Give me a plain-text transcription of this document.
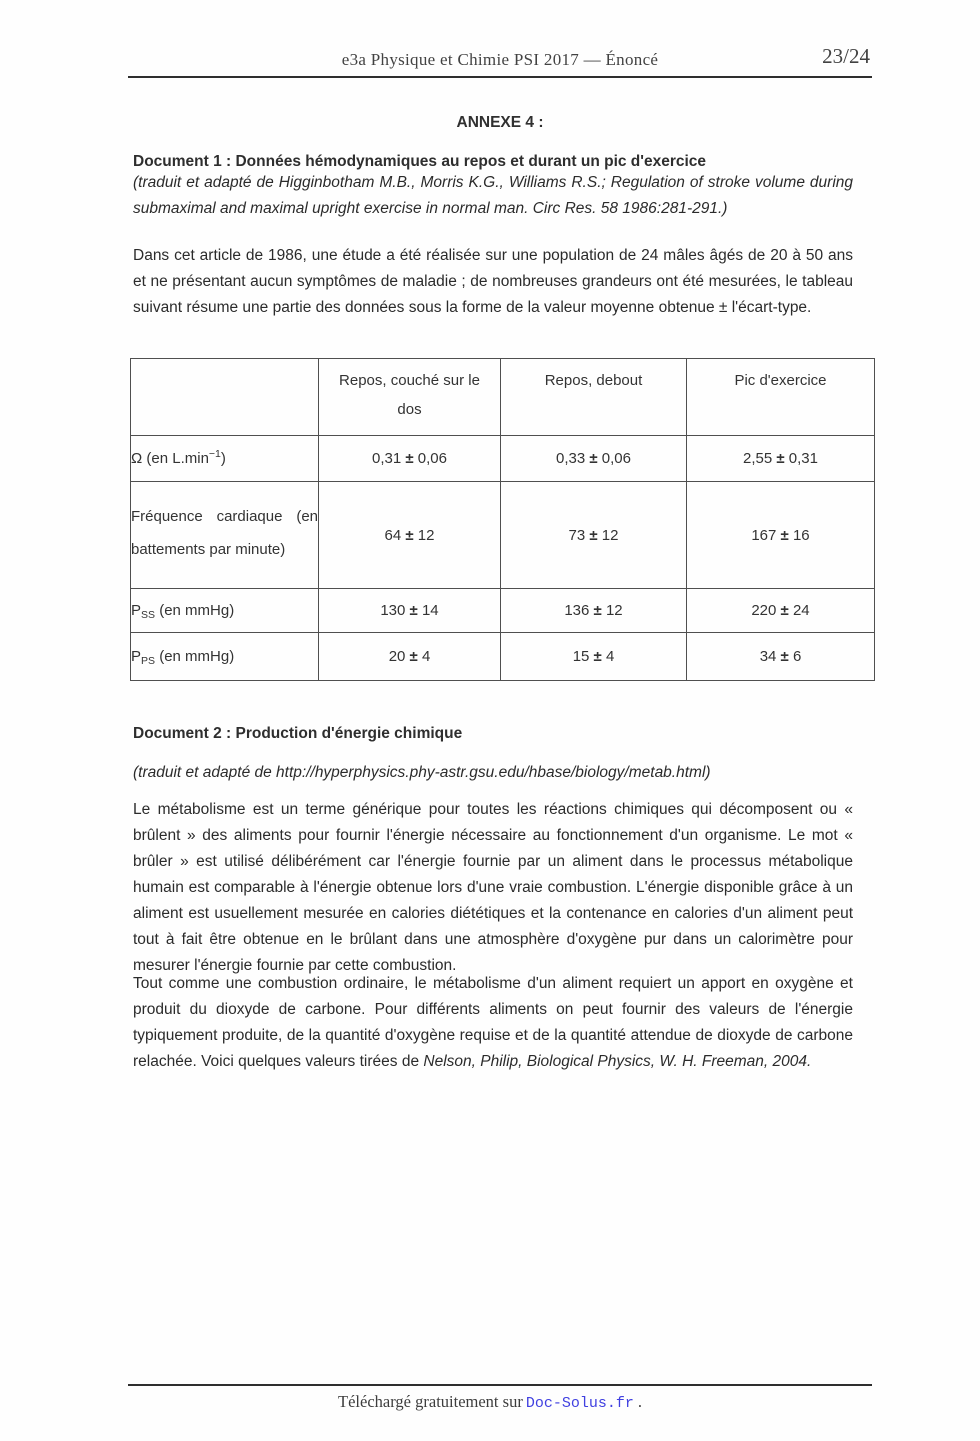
e3a Physique et Chimie PSI 2017 — Énoncé	23/24
ANNEXE 4 :
Document 1 : Données hémodynamiques au repos et durant un pic d'exercice
(traduit et adapté de Higginbotham M.B., Morris K.G., Williams R.S.; Regulation of stroke volume during submaximal and maximal upright exercise in normal man. Circ Res. 58 1986:281-291.)
Dans cet article de 1986, une étude a été réalisée sur une population de 24 mâles âgés de 20 à 50 ans et ne présentant aucun symptômes de maladie ; de nombreuses grandeurs ont été mesurées, le tableau suivant résume une partie des données sous la forme de la valeur moyenne obtenue ± l'écart-type.
	Repos, couché sur le dos	Repos, debout	Pic d'exercice
Ω (en $L.\min^{-1}$)	0,31 ± 0,06	0,33 ± 0,06	2,55 ± 0,31
Fréquence cardiaque (en battements par minute)	64 ± 12	73 ± 12	167 ± 16
$P_{SS}$ (en mmHg)	130 ± 14	136 ± 12	220 ± 24
$P_{PS}$ (en mmHg)	20 ± 4	15 ± 4	34 ± 6
Document 2 : Production d'énergie chimique
(traduit et adapté de http://hyperphysics.phy-astr.gsu.edu/hbase/biology/metab.html)
Le métabolisme est un terme générique pour toutes les réactions chimiques qui décomposent ou « brûlent » des aliments pour fournir l'énergie nécessaire au fonctionnement d'un organisme. Le mot « brûler » est utilisé délibérément car l'énergie fournie par un aliment dans le processus métabolique humain est comparable à l'énergie obtenue lors d'une vraie combustion. L'énergie disponible grâce à un aliment est usuellement mesurée en calories diététiques et la contenance en calories d'un aliment peut tout à fait être obtenue en le brûlant dans une atmosphère d'oxygène pur dans un calorimètre pour mesurer l'énergie fournie par cette combustion.
Tout comme une combustion ordinaire, le métabolisme d'un aliment requiert un apport en oxygène et produit du dioxyde de carbone. Pour différents aliments on peut fournir des valeurs de l'énergie typiquement produite, de la quantité d'oxygène requise et de la quantité attendue de dioxyde de carbone relachée. Voici quelques valeurs tirées de Nelson, Philip, Biological Physics, W. H. Freeman, 2004.
Téléchargé gratuitement sur Doc-Solus.fr .
